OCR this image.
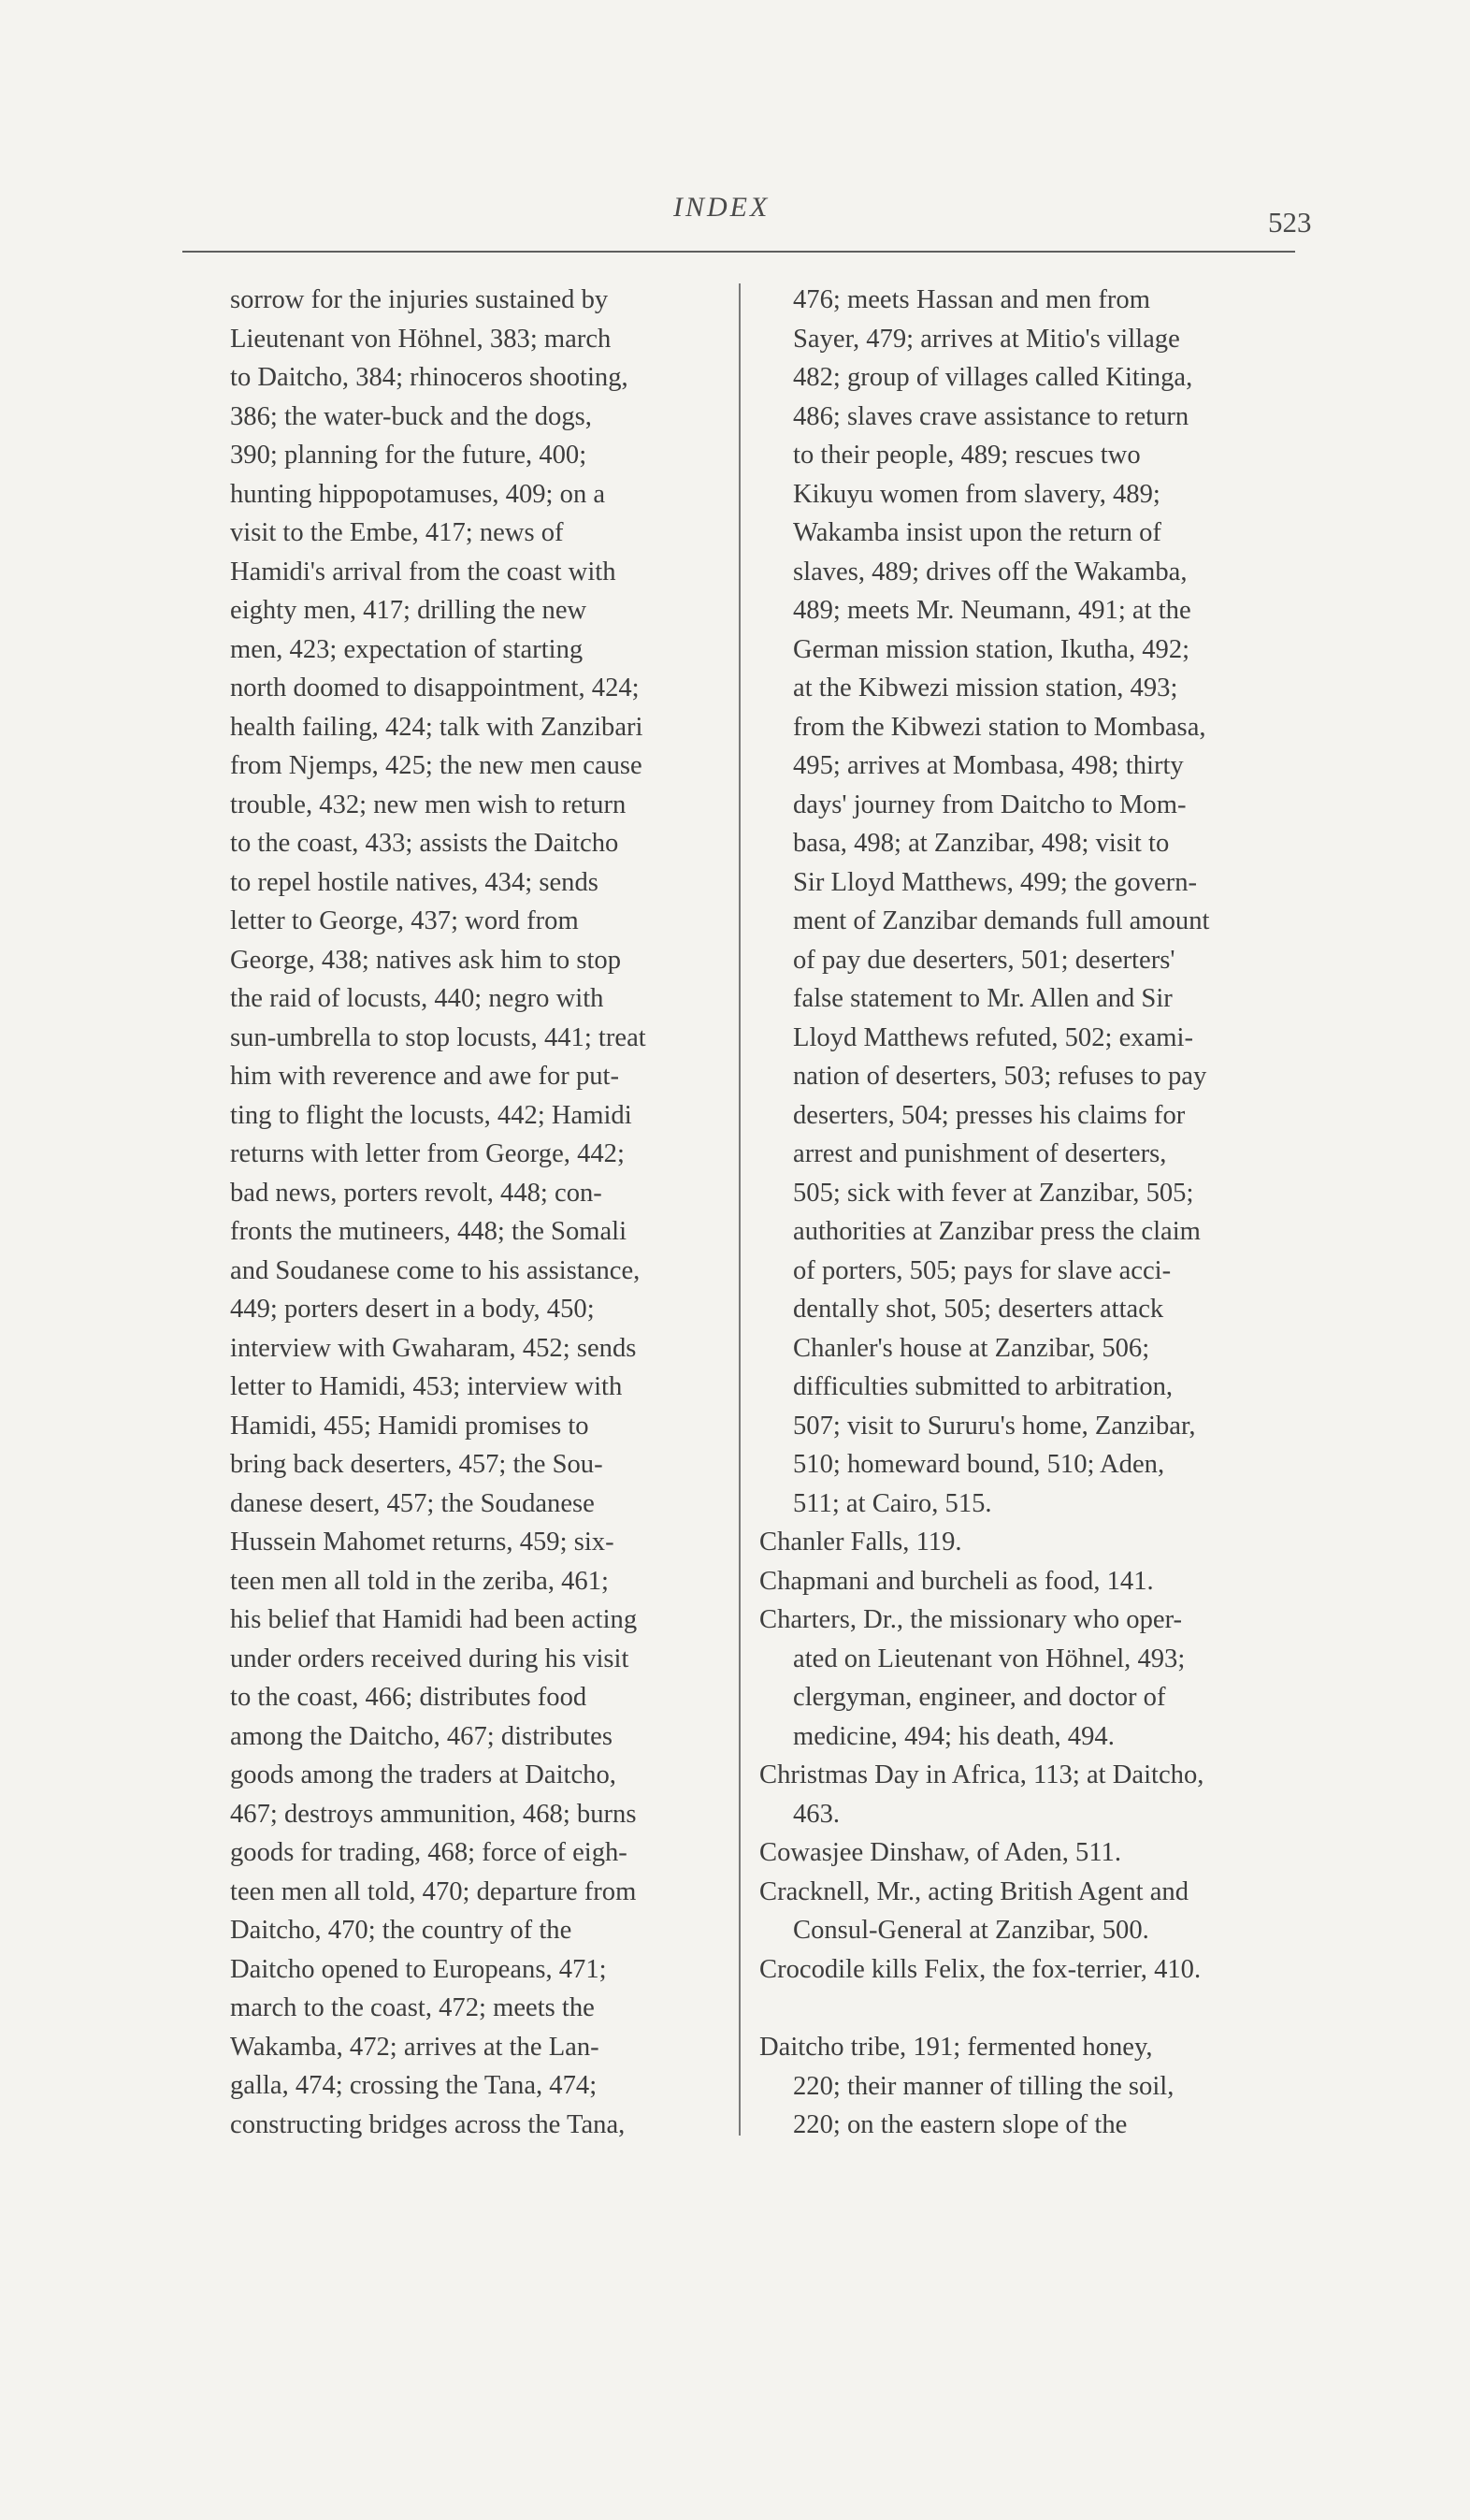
INDEX	523
sorrow for the injuries sustained by
Lieutenant von Höhnel, 383; march
to Daitcho, 384; rhinoceros shooting,
386; the water-buck and the dogs,
390; planning for the future, 400;
hunting hippopotamuses, 409; on a
visit to the Embe, 417; news of
Hamidi's arrival from the coast with
eighty men, 417; drilling the new
men, 423; expectation of starting
north doomed to disappointment, 424;
health failing, 424; talk with Zanzibari
from Njemps, 425; the new men cause
trouble, 432; new men wish to return
to the coast, 433; assists the Daitcho
to repel hostile natives, 434; sends
letter to George, 437; word from
George, 438; natives ask him to stop
the raid of locusts, 440; negro with
sun-umbrella to stop locusts, 441; treat
him with reverence and awe for put-
ting to flight the locusts, 442; Hamidi
returns with letter from George, 442;
bad news, porters revolt, 448; con-
fronts the mutineers, 448; the Somali
and Soudanese come to his assistance,
449; porters desert in a body, 450;
interview with Gwaharam, 452; sends
letter to Hamidi, 453; interview with
Hamidi, 455; Hamidi promises to
bring back deserters, 457; the Sou-
danese desert, 457; the Soudanese
Hussein Mahomet returns, 459; six-
teen men all told in the zeriba, 461;
his belief that Hamidi had been acting
under orders received during his visit
to the coast, 466; distributes food
among the Daitcho, 467; distributes
goods among the traders at Daitcho,
467; destroys ammunition, 468; burns
goods for trading, 468; force of eigh-
teen men all told, 470; departure from
Daitcho, 470; the country of the
Daitcho opened to Europeans, 471;
march to the coast, 472; meets the
Wakamba, 472; arrives at the Lan-
galla, 474; crossing the Tana, 474;
constructing bridges across the Tana,
476; meets Hassan and men from
Sayer, 479; arrives at Mitio's village
482; group of villages called Kitinga,
486; slaves crave assistance to return
to their people, 489; rescues two
Kikuyu women from slavery, 489;
Wakamba insist upon the return of
slaves, 489; drives off the Wakamba,
489; meets Mr. Neumann, 491; at the
German mission station, Ikutha, 492;
at the Kibwezi mission station, 493;
from the Kibwezi station to Mombasa,
495; arrives at Mombasa, 498; thirty
days' journey from Daitcho to Mom-
basa, 498; at Zanzibar, 498; visit to
Sir Lloyd Matthews, 499; the govern-
ment of Zanzibar demands full amount
of pay due deserters, 501; deserters'
false statement to Mr. Allen and Sir
Lloyd Matthews refuted, 502; exami-
nation of deserters, 503; refuses to pay
deserters, 504; presses his claims for
arrest and punishment of deserters,
505; sick with fever at Zanzibar, 505;
authorities at Zanzibar press the claim
of porters, 505; pays for slave acci-
dentally shot, 505; deserters attack
Chanler's house at Zanzibar, 506;
difficulties submitted to arbitration,
507; visit to Sururu's home, Zanzibar,
510; homeward bound, 510; Aden,
511; at Cairo, 515.
Chanler Falls, 119.
Chapmani and burcheli as food, 141.
Charters, Dr., the missionary who oper-
ated on Lieutenant von Höhnel, 493;
clergyman, engineer, and doctor of
medicine, 494; his death, 494.
Christmas Day in Africa, 113; at Daitcho,
463.
Cowasjee Dinshaw, of Aden, 511.
Cracknell, Mr., acting British Agent and
Consul-General at Zanzibar, 500.
Crocodile kills Felix, the fox-terrier, 410.
Daitcho tribe, 191; fermented honey,
220; their manner of tilling the soil,
220; on the eastern slope of the
